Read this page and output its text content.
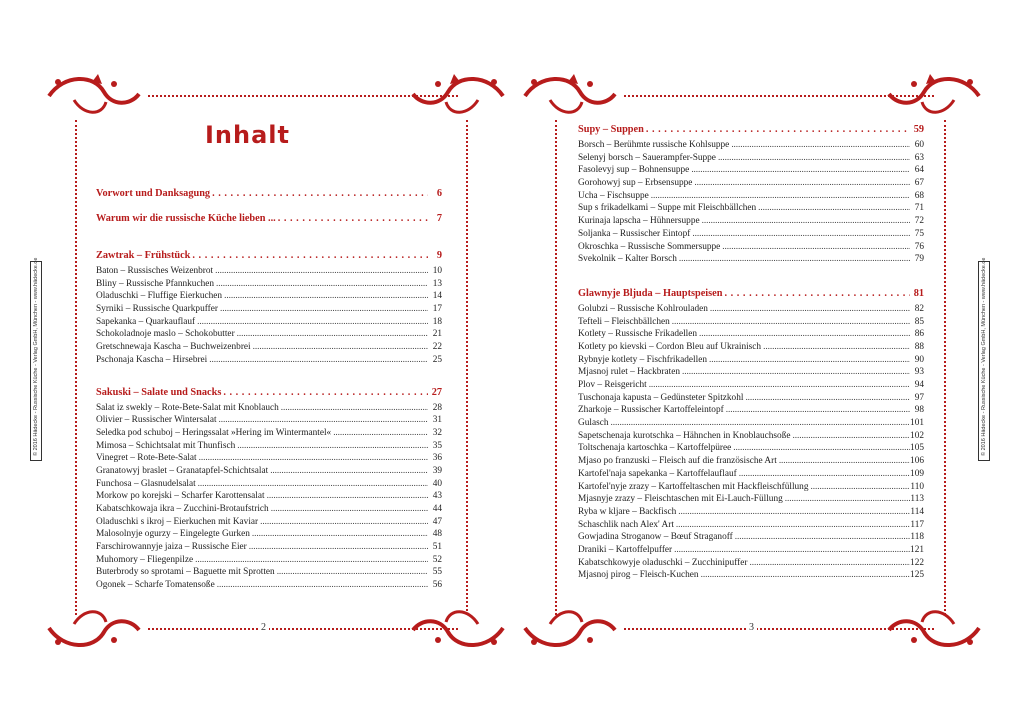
© 2016 Hädecke - Russische Küche - Verlag GmbH, München - www.hädecke.de
Inhalt
Vorwort und Danksagung . . .	6
Warum wir die russische Küche lieben ... . . .	7
Zawtrak – Frühstück . . .	9
Baton – Russisches Weizenbrot . . .	10
Bliny – Russische Pfannkuchen . . .	13
Oladuschki – Fluffige Eierkuchen . . .	14
Syrniki – Russische Quarkpuffer . . .	17
Sapekanka – Quarkauflauf . . .	18
Schokoladnoje maslo – Schokobutter . . .	21
Gretschnewaja Kascha – Buchweizenbrei . . .	22
Pschonaja Kascha – Hirsebrei . . .	25
Sakuski – Salate und Snacks . . .	27
Salat iz swekly – Rote-Bete-Salat mit Knoblauch . . .	28
Olivier – Russischer Wintersalat . . .	31
Seledka pod schuboj – Heringssalat »Hering im Wintermantel« . . .	32
Mimosa – Schichtsalat mit Thunfisch . . .	35
Vinegret – Rote-Bete-Salat . . .	36
Granatowyj braslet – Granatapfel-Schichtsalat . . .	39
Funchosa – Glasnudelsalat . . .	40
Morkow po korejski – Scharfer Karottensalat . . .	43
Kabatschkowaja ikra – Zucchini-Brotaufstrich . . .	44
Oladuschki s ikroj – Eierkuchen mit Kaviar . . .	47
Malosolnyje ogurzy – Eingelegte Gurken . . .	48
Farschirowannyje jaiza – Russische Eier . . .	51
Muhomory – Fliegenpilze . . .	52
Buterbrody so sprotami – Baguette mit Sprotten . . .	55
Ogonek – Scharfe Tomatensoße . . .	56
2
© 2016 Hädecke - Russische Küche - Verlag GmbH, München - www.hädecke.de
Supy – Suppen . . .	59
Borsch – Berühmte russische Kohlsuppe . . .	60
Selenyj borsch – Sauerampfer-Suppe . . .	63
Fasolevyj sup – Bohnensuppe . . .	64
Gorohowyj sup – Erbsensuppe . . .	67
Ucha – Fischsuppe . . .	68
Sup s frikadelkami – Suppe mit Fleischbällchen . . .	71
Kurinaja lapscha – Hühnersuppe . . .	72
Soljanka – Russischer Eintopf . . .	75
Okroschka – Russische Sommersuppe . . .	76
Svekolnik – Kalter Borsch . . .	79
Glawnyje Bljuda – Hauptspeisen . . .	81
Golubzi – Russische Kohlrouladen . . .	82
Tefteli – Fleischbällchen . . .	85
Kotlety – Russische Frikadellen . . .	86
Kotlety po kievski – Cordon Bleu auf Ukrainisch . . .	88
Rybnyje kotlety – Fischfrikadellen . . .	90
Mjasnoj rulet – Hackbraten . . .	93
Plov – Reisgericht . . .	94
Tuschonaja kapusta – Gedünsteter Spitzkohl . . .	97
Zharkoje – Russischer Kartoffeleintopf . . .	98
Gulasch . . .	101
Sapetschenaja kurotschka – Hähnchen in Knoblauchsoße . . .	102
Toltschenaja kartoschka – Kartoffelpüree . . .	105
Mjaso po franzuski – Fleisch auf die französische Art . . .	106
Kartofel'naja sapekanka – Kartoffelauflauf . . .	109
Kartofel'nyje zrazy – Kartoffeltaschen mit Hackfleischfüllung . . .	110
Mjasnyje zrazy – Fleischtaschen mit Ei-Lauch-Füllung . . .	113
Ryba w kljare – Backfisch . . .	114
Schaschlik nach Alex' Art . . .	117
Gowjadina Stroganow – Bœuf Straganoff . . .	118
Draniki – Kartoffelpuffer . . .	121
Kabatschkowyje oladuschki – Zucchinipuffer . . .	122
Mjasnoj pirog – Fleisch-Kuchen . . .	125
3
